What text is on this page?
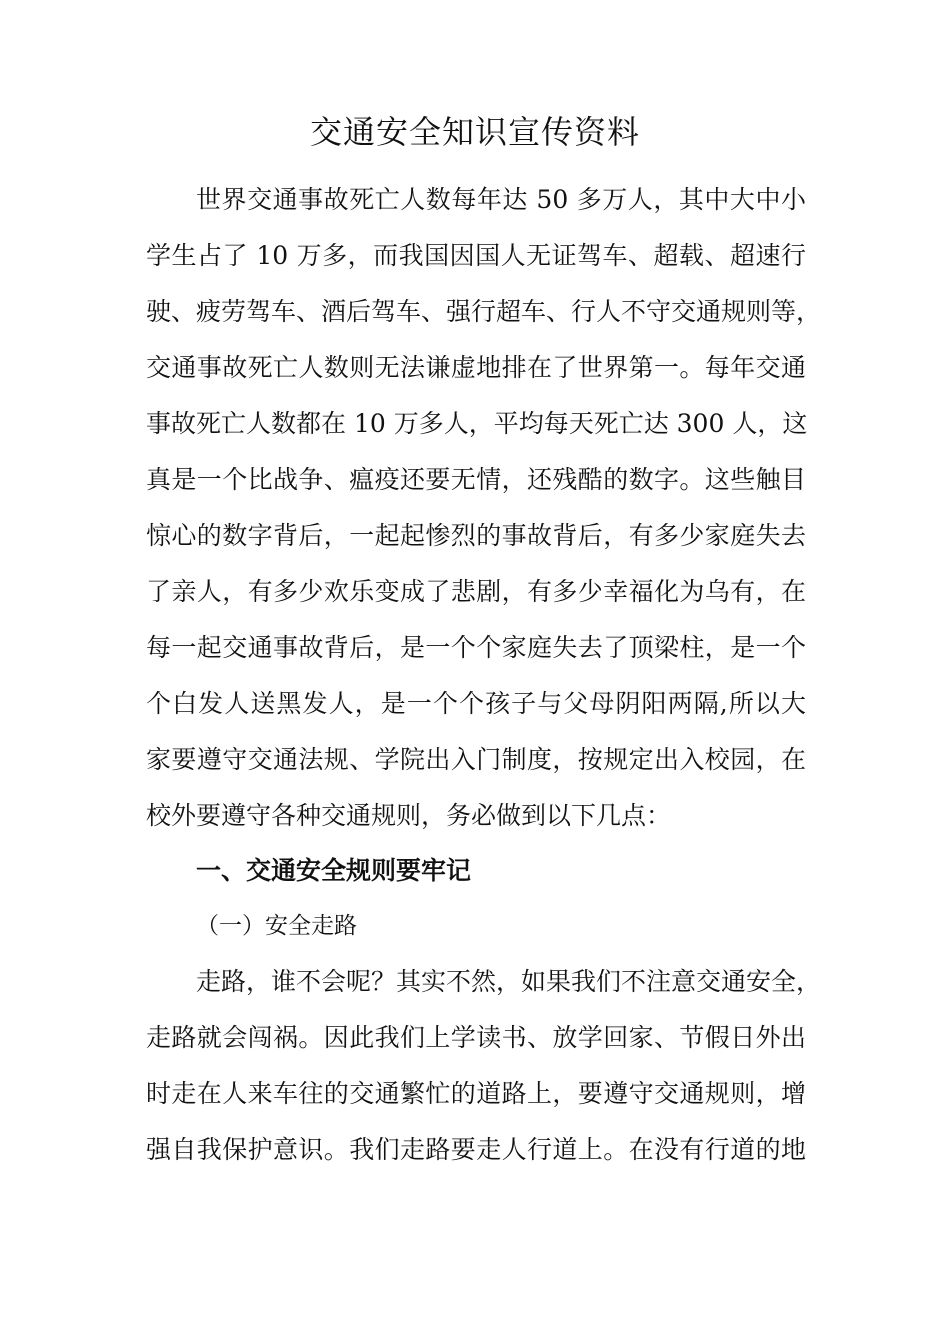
交通安全知识宣传资料
世界交通事故死亡人数每年达 50 多万人，其中大中小
学生占了 10 万多，而我国因国人无证驾车、超载、超速行
驶、疲劳驾车、酒后驾车、强行超车、行人不守交通规则等，
交通事故死亡人数则无法谦虚地排在了世界第一。每年交通
事故死亡人数都在 10 万多人，平均每天死亡达 300 人，这
真是一个比战争、瘟疫还要无情，还残酷的数字。这些触目
惊心的数字背后，一起起惨烈的事故背后，有多少家庭失去
了亲人，有多少欢乐变成了悲剧，有多少幸福化为乌有，在
每一起交通事故背后，是一个个家庭失去了顶梁柱，是一个
个白发人送黑发人，是一个个孩子与父母阴阳两隔,所以大
家要遵守交通法规、学院出入门制度，按规定出入校园，在
校外要遵守各种交通规则，务必做到以下几点：
一、交通安全规则要牢记
（一）安全走路
走路，谁不会呢？其实不然，如果我们不注意交通安全，
走路就会闯祸。因此我们上学读书、放学回家、节假日外出
时走在人来车往的交通繁忙的道路上，要遵守交通规则，增
强自我保护意识。我们走路要走人行道上。在没有行道的地
